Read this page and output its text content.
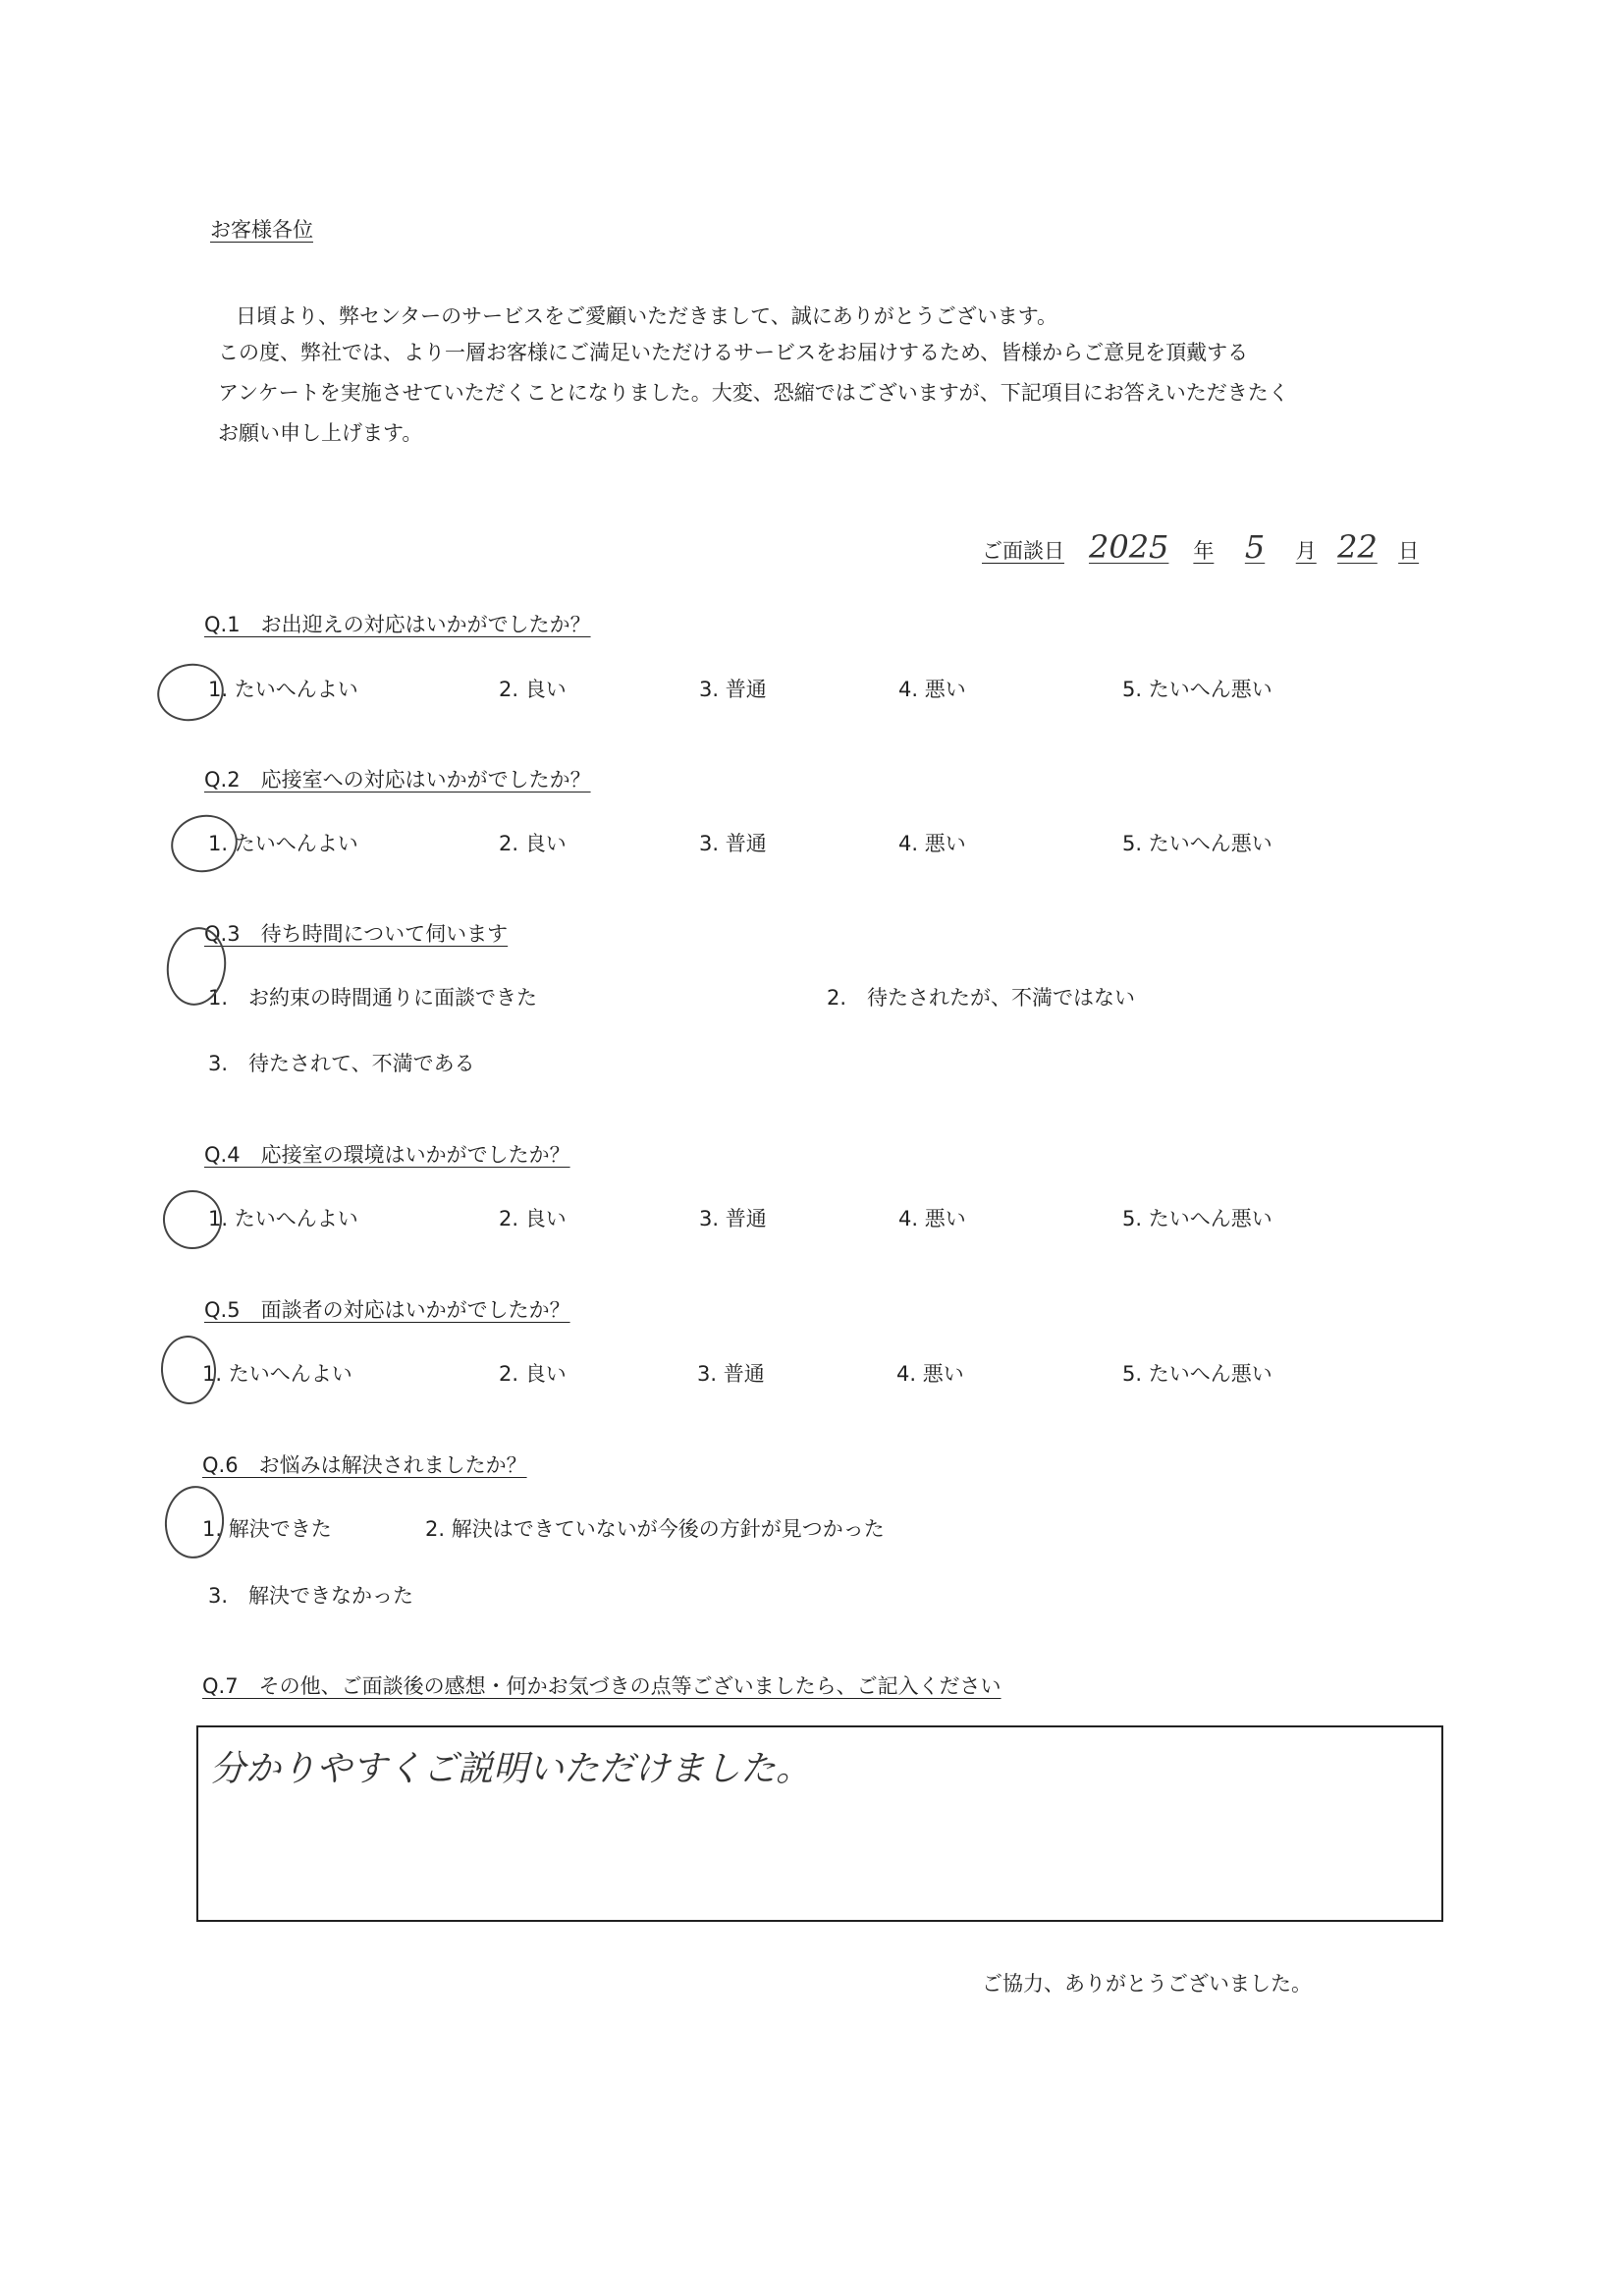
お客様各位
日頃より、弊センターのサービスをご愛顧いただきまして、誠にありがとうございます。
この度、弊社では、より一層お客様にご満足いただけるサービスをお届けするため、皆様からご意見を頂戴する
アンケートを実施させていただくことになりました。大変、恐縮ではございますが、下記項目にお答えいただきたく
お願い申し上げます。
ご面談日 2025 年 5 月 22 日
Q.1　お出迎えの対応はいかがでしたか？
1. たいへんよい	2. 良い	3. 普通	4. 悪い	5. たいへん悪い
Q.2　応接室への対応はいかがでしたか？
1. たいへんよい	2. 良い	3. 普通	4. 悪い	5. たいへん悪い
Q.3　待ち時間について伺います
1.　お約束の時間通りに面談できた	2.　待たされたが、不満ではない
3.　待たされて、不満である
Q.4　応接室の環境はいかがでしたか？
1. たいへんよい	2. 良い	3. 普通	4. 悪い	5. たいへん悪い
Q.5　面談者の対応はいかがでしたか？
1. たいへんよい	2. 良い	3. 普通	4. 悪い	5. たいへん悪い
Q.6　お悩みは解決されましたか？
1. 解決できた	2. 解決はできていないが今後の方針が見つかった
3.　解決できなかった
Q.7　その他、ご面談後の感想・何かお気づきの点等ございましたら、ご記入ください
分かりやすくご説明いただけました。
ご協力、ありがとうございました。
